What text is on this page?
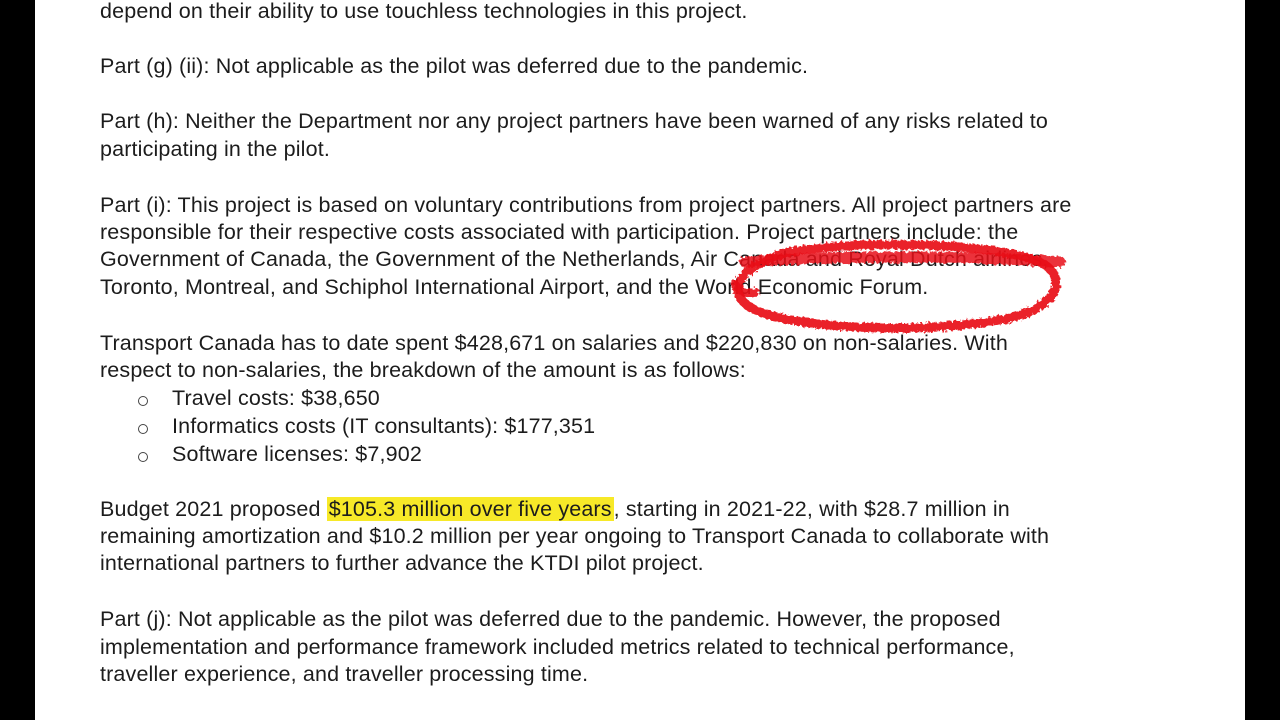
depend on their ability to use touchless technologies in this project.
Part (g) (ii): Not applicable as the pilot was deferred due to the pandemic.
Part (h): Neither the Department nor any project partners have been warned of any risks related to
participating in the pilot.
Part (i): This project is based on voluntary contributions from project partners. All project partners are
responsible for their respective costs associated with participation. Project partners include: the
Government of Canada, the Government of the Netherlands, Air Canada and Royal Dutch airlines,
Toronto, Montreal, and Schiphol International Airport, and the World Economic Forum.
Transport Canada has to date spent $428,671 on salaries and $220,830 on non-salaries. With
respect to non-salaries, the breakdown of the amount is as follows:
Travel costs: $38,650
Informatics costs (IT consultants): $177,351
Software licenses: $7,902
Budget 2021 proposed $105.3 million over five years, starting in 2021-22, with $28.7 million in
remaining amortization and $10.2 million per year ongoing to Transport Canada to collaborate with
international partners to further advance the KTDI pilot project.
Part (j): Not applicable as the pilot was deferred due to the pandemic. However, the proposed
implementation and performance framework included metrics related to technical performance,
traveller experience, and traveller processing time.
